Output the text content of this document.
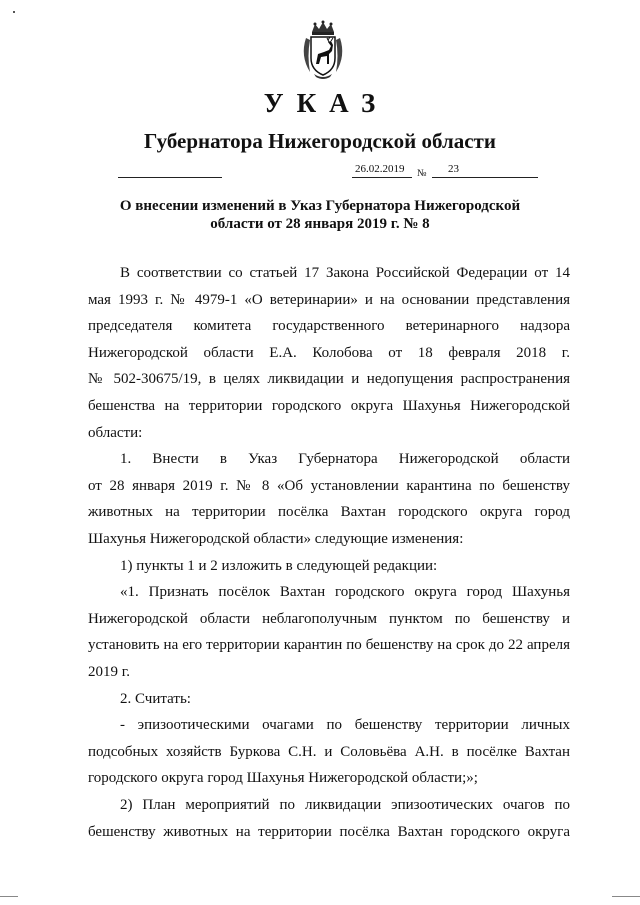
УКАЗ
Губернатора Нижегородской области
26.02.2019 № 23
О внесении изменений в Указ Губернатора Нижегородской
области от 28 января 2019 г. № 8
В соответствии со статьей 17 Закона Российской Федерации от 14
мая 1993 г. № 4979-1 «О ветеринарии» и на основании представления
председателя комитета государственного ветеринарного надзора
Нижегородской области Е.А. Колобова от 18 февраля 2018 г.
№ 502-30675/19, в целях ликвидации и недопущения распространения
бешенства на территории городского округа Шахунья Нижегородской
области:
1. Внести в Указ Губернатора Нижегородской области
от 28 января 2019 г. № 8 «Об установлении карантина по бешенству
животных на территории посёлка Вахтан городского округа город
Шахунья Нижегородской области» следующие изменения:
1) пункты 1 и 2 изложить в следующей редакции:
«1. Признать посёлок Вахтан городского округа город Шахунья
Нижегородской области неблагополучным пунктом по бешенству и
установить на его территории карантин по бешенству на срок до 22 апреля
2019 г.
2. Считать:
- эпизоотическими очагами по бешенству территории личных
подсобных хозяйств Буркова С.Н. и Соловьёва А.Н. в посёлке Вахтан
городского округа город Шахунья Нижегородской области;»;
2) План мероприятий по ликвидации эпизоотических очагов по
бешенству животных на территории посёлка Вахтан городского округа
